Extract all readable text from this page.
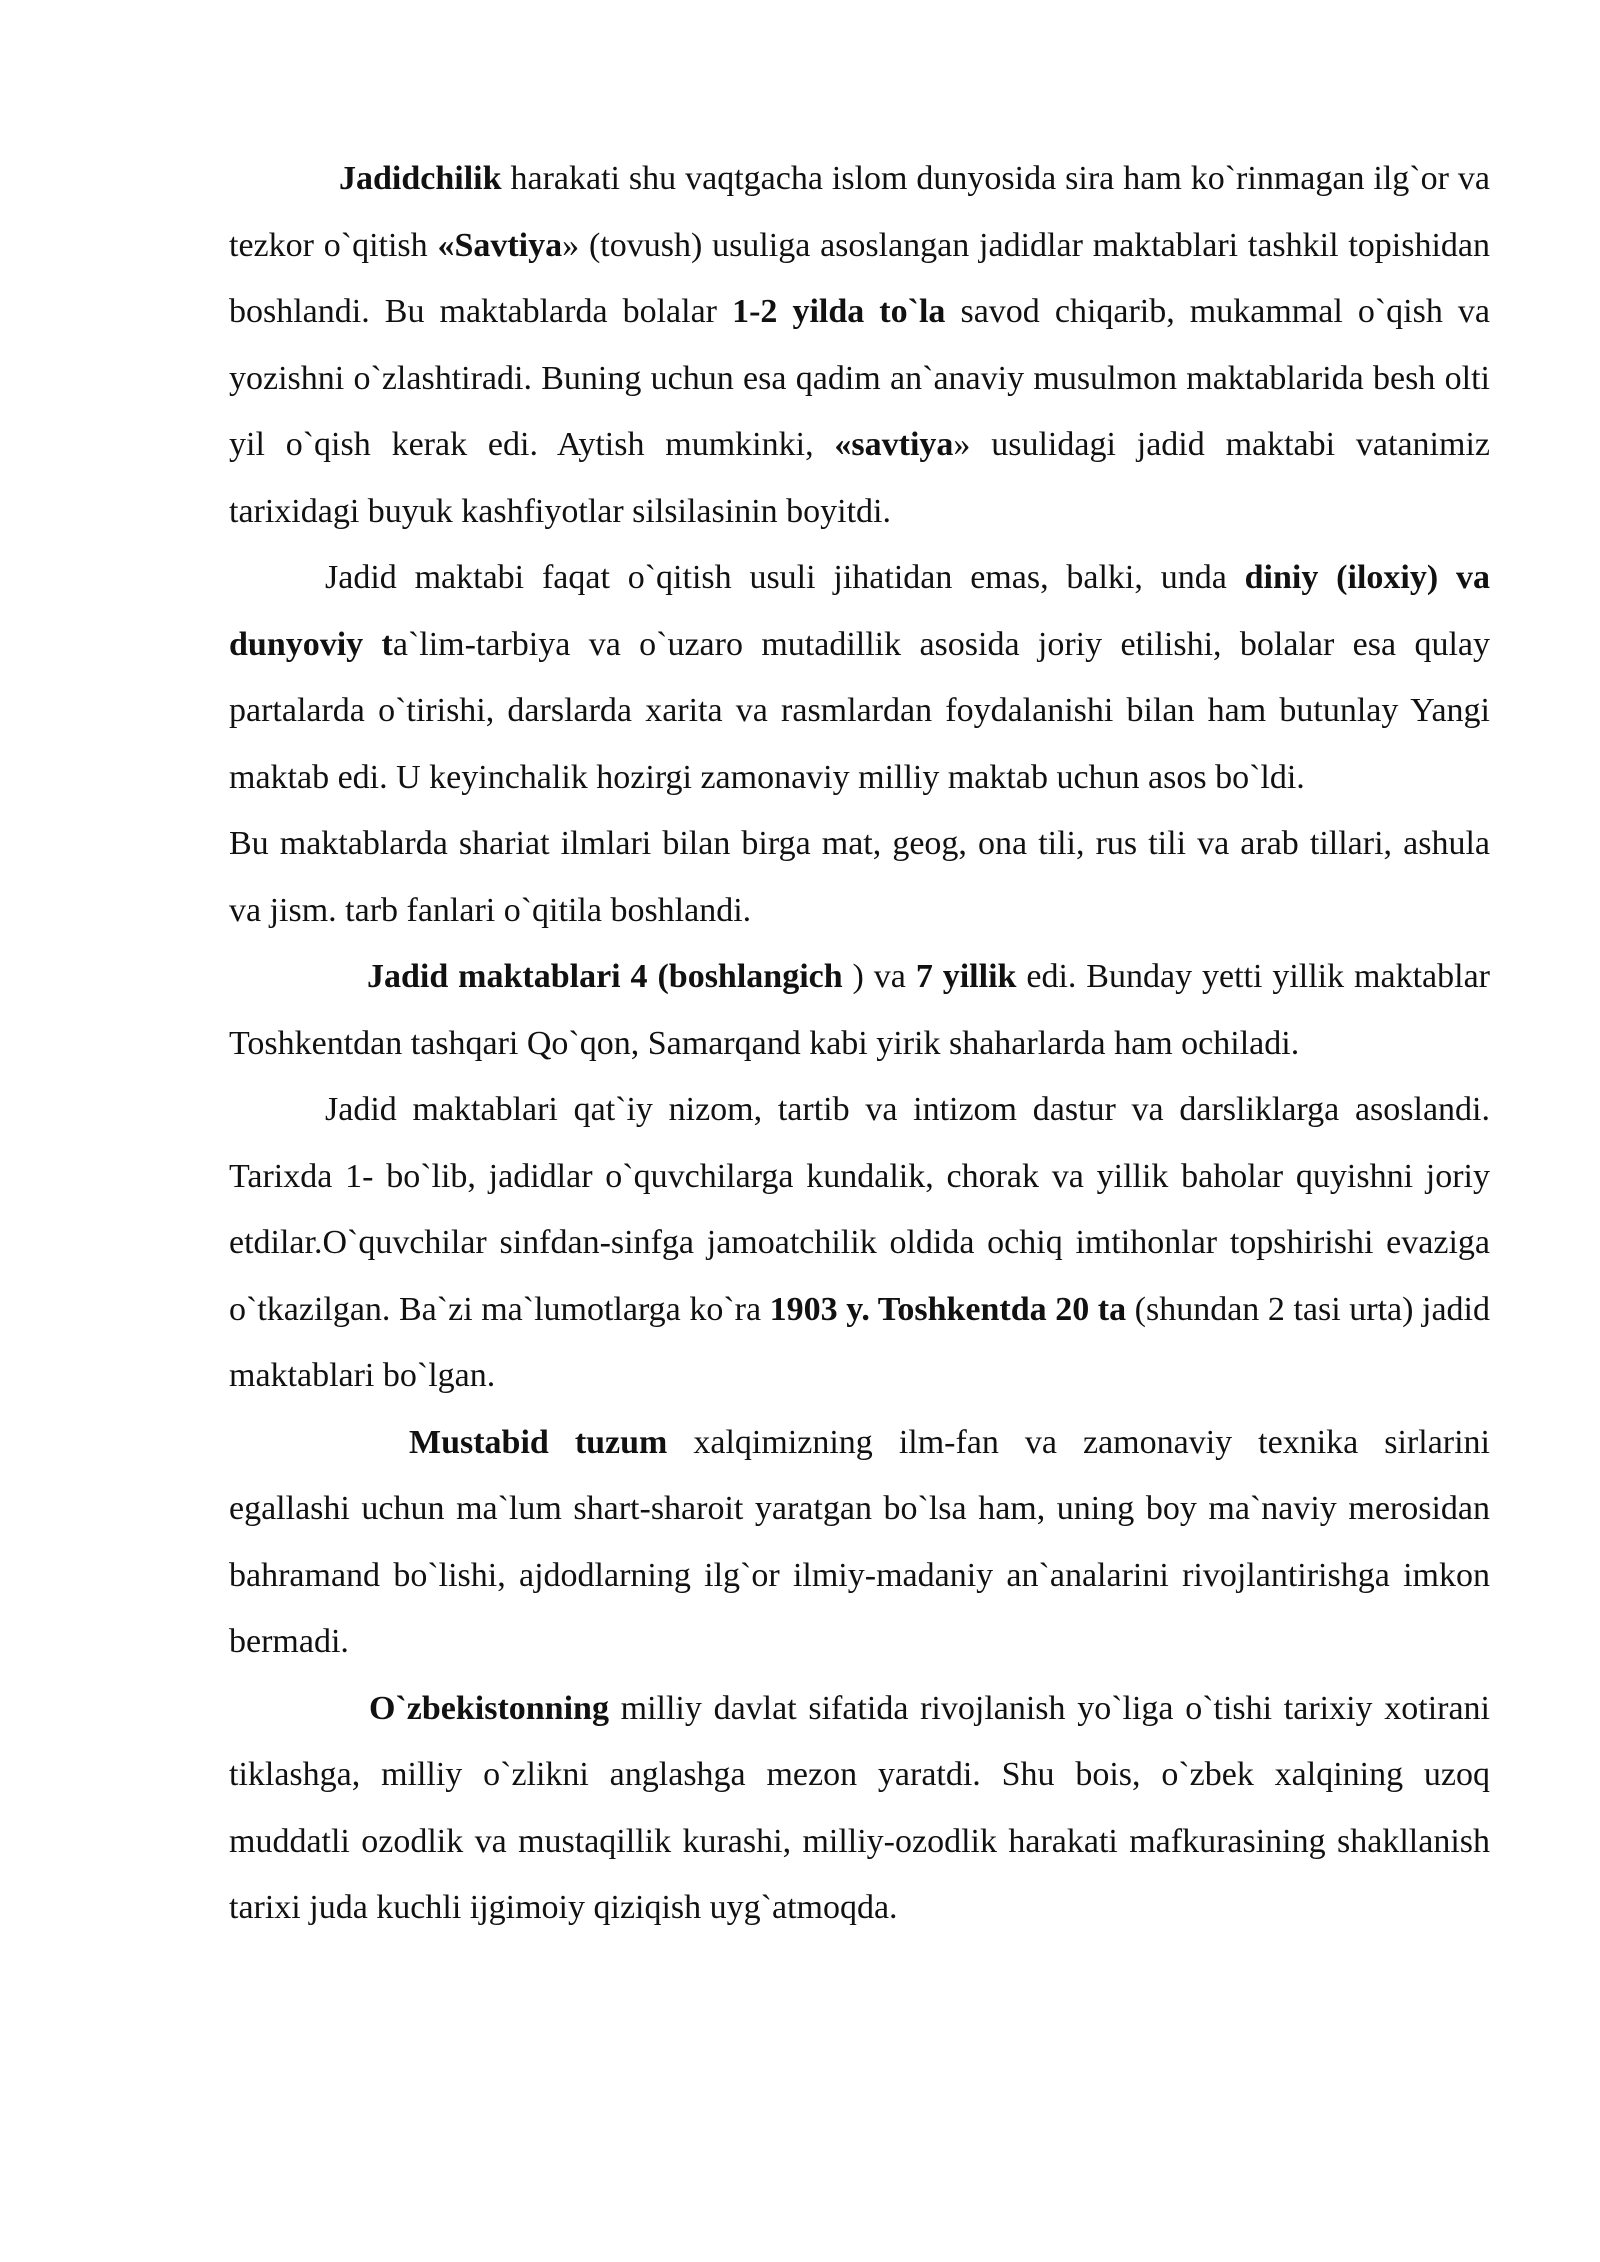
Jadidchilik harakati shu vaqtgacha islom dunyosida sira ham ko`rinmagan ilg`or va tezkor o`qitish «Savtiya» (tovush) usuliga asoslangan jadidlar maktablari tashkil topishidan boshlandi. Bu maktablarda bolalar 1-2 yilda to`la savod chiqarib, mukammal o`qish va yozishni o`zlashtiradi. Buning uchun esa qadim an`anaviy musulmon maktablarida besh olti yil o`qish kerak edi. Aytish mumkinki, «savtiya» usulidagi jadid maktabi vatanimiz tarixidagi buyuk kashfiyotlar silsilasinin boyitdi.

Jadid maktabi faqat o`qitish usuli jihatidan emas, balki, unda diniy (iloxiy) va dunyoviy ta`lim-tarbiya va o`uzaro mutadillik asosida joriy etilishi, bolalar esa qulay partalarda o`tirishi, darslarda xarita va rasmlardan foydalanishi bilan ham butunlay Yangi maktab edi. U keyinchalik hozirgi zamonaviy milliy maktab uchun asos bo`ldi.

Bu maktablarda shariat ilmlari bilan birga mat, geog, ona tili, rus tili va arab tillari, ashula va jism. tarb fanlari o`qitila boshlandi.

Jadid maktablari 4 (boshlangich ) va 7 yillik edi. Bunday yetti yillik maktablar Toshkentdan tashqari Qo`qon, Samarqand kabi yirik shaharlarda ham ochiladi.

Jadid maktablari qat`iy nizom, tartib va intizom dastur va darsliklarga asoslandi. Tarixda 1- bo`lib, jadidlar o`quvchilarga kundalik, chorak va yillik baholar quyishni joriy etdilar.O`quvchilar sinfdan-sinfga jamoatchilik oldida ochiq imtihonlar topshirishi evaziga o`tkazilgan. Ba`zi ma`lumotlarga ko`ra 1903 y. Toshkentda 20 ta (shundan 2 tasi urta) jadid maktablari bo`lgan.

Mustabid tuzum xalqimizning ilm-fan va zamonaviy texnika sirlarini egallashi uchun ma`lum shart-sharoit yaratgan bo`lsa ham, uning boy ma`naviy merosidan bahramand bo`lishi, ajdodlarning ilg`or ilmiy-madaniy an`analarini rivojlantirishga imkon bermadi.

O`zbekistonning milliy davlat sifatida rivojlanish yo`liga o`tishi tarixiy xotirani tiklashga, milliy o`zlikni anglashga mezon yaratdi. Shu bois, o`zbek xalqining uzoq muddatli ozodlik va mustaqillik kurashi, milliy-ozodlik harakati mafkurasining shakllanish tarixi juda kuchli ijgimoiy qiziqish uyg`atmoqda.
